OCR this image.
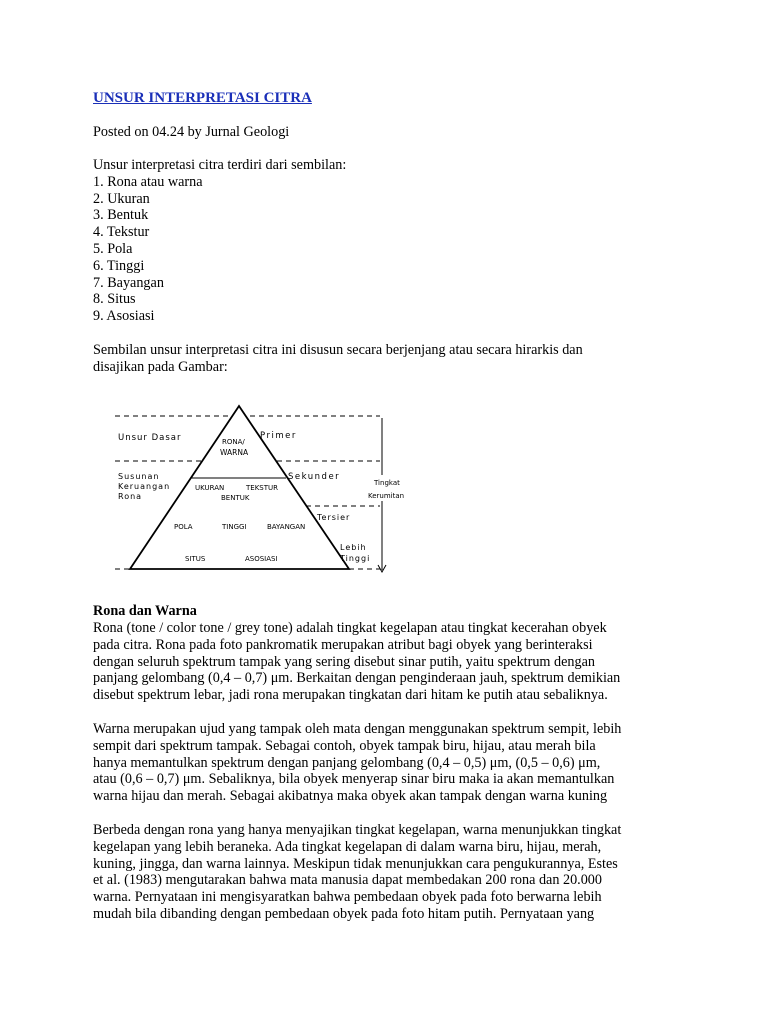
UNSUR INTERPRETASI CITRA
Posted on 04.24 by Jurnal Geologi
Unsur interpretasi citra terdiri dari sembilan:
1. Rona atau warna
2. Ukuran
3. Bentuk
4. Tekstur
5. Pola
6. Tinggi
7. Bayangan
8. Situs
9. Asosiasi

Sembilan unsur interpretasi citra ini disusun secara berjenjang atau secara hirarkis dan
disajikan pada Gambar:

Rona dan Warna

Rona (tone / color tone / grey tone) adalah tingkat kegelapan atau tingkat kecerahan obyek
pada citra. Rona pada foto pankromatik merupakan atribut bagi obyek yang berinteraksi
dengan seluruh spektrum tampak yang sering disebut sinar putih, yaitu spektrum dengan
panjang gelombang (0,4 – 0,7) μm. Berkaitan dengan penginderaan jauh, spektrum demikian
disebut spektrum lebar, jadi rona merupakan tingkatan dari hitam ke putih atau sebaliknya.

Warna merupakan ujud yang tampak oleh mata dengan menggunakan spektrum sempit, lebih
sempit dari spektrum tampak. Sebagai contoh, obyek tampak biru, hijau, atau merah bila
hanya memantulkan spektrum dengan panjang gelombang (0,4 – 0,5) μm, (0,5 – 0,6) μm,
atau (0,6 – 0,7) μm. Sebaliknya, bila obyek menyerap sinar biru maka ia akan memantulkan
warna hijau dan merah. Sebagai akibatnya maka obyek akan tampak dengan warna kuning

Berbeda dengan rona yang hanya menyajikan tingkat kegelapan, warna menunjukkan tingkat
kegelapan yang lebih beraneka. Ada tingkat kegelapan di dalam warna biru, hijau, merah,
kuning, jingga, dan warna lainnya. Meskipun tidak menunjukkan cara pengukurannya, Estes
et al. (1983) mengutarakan bahwa mata manusia dapat membedakan 200 rona dan 20.000
warna. Pernyataan ini mengisyaratkan bahwa pembedaan obyek pada foto berwarna lebih
mudah bila dibanding dengan pembedaan obyek pada foto hitam putih. Pernyataan yang

Unsur Dasar
Susunan
Keruangan
Rona
Primer
Sekunder
Tersier
Lebih
Tinggi
RONA/
WARNA
UKURAN	TEKSTUR
BENTUK
POLA	TINGGI	BAYANGAN
SITUS	ASOSIASI
Tingkat
Kerumitan
